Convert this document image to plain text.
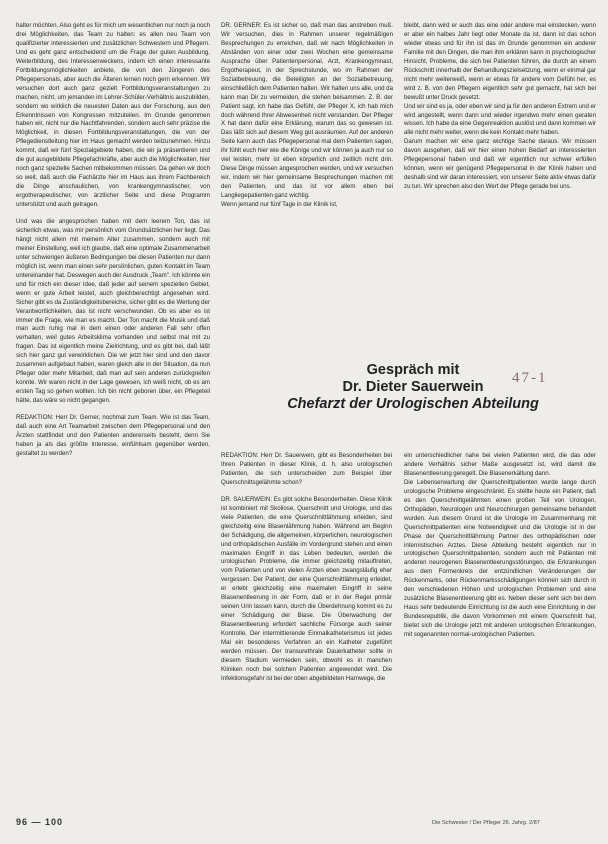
halter möchten. Also geht es für mich um wesentlichen nur noch ja noch drei Möglichkeiten, das Team zu halten: es allen neu Team von qualifizierter interessierten und zusätzlichen Schwestern und Pflegern. Und es geht ganz entscheidend um die Frage der guten Ausbildung, Weiterbildung, des Interessenweckens, indem ich einen interessante Fortbildungsmöglichkeiten anbiete, die von den Jüngeren des Pflegepersonals, aber auch die Älteren lernen noch gern erkennen. Wir versuchen dort auch ganz gezielt Fortbildungsveranstaltungen zu machen, nicht, um jemanden im Lehrer-Schüler-Verhältnis auszubilden, sondern wo wirklich die neuesten Daten aus der Forschung, aus den Erkenntnissen von Kongressen mitzuteilen. Im Grunde genommen haben wir, nicht nur die Nachtfahrenden, sondern auch sehr präzise die Möglichkeit, in diesen Fortbildungsveranstaltungen, die von der Pflegedienstleitung hier im Haus gemacht werden teilzunehmen. Hinzu kommt, daß wir fünf Spezialgebiete haben, die wir ja präsentieren und die gut ausgebildete Pflegefachkräfte, aber auch die Möglichkeiten, hier noch ganz spezielle Sachen mitbekommen müssen. Da gehen wir doch so weit, daß auch die Fachärzte hier im Haus aus ihrem Fachbereich die Dinge anschaulichen, von krankengymnastischer, von ergotherapeutischer, von ärztlicher Seite und diese Programm unterstützt und auch getragen.

Und was die angesprochen haben mit dem leerem Ton, das ist sicherlich etwas, was mir persönlich vom Grundsätzlichen her liegt. Das hängt nicht allein mit meinem Alter zusammen, sondern auch mit meiner Einstellung, weil ich glaube, daß eine optimale Zusammenarbeit unter schwierigen äußeren Bedingungen bei diesen Patienten nur dann möglich ist, wenn man einen sehr persönlichen, guten Kontakt im Team untereinander hat. Deswegen auch der Ausdruck „Team". Ich könnte ein und für mich ein dieser Idee, daß jeder auf seinem speziellen Gebiet, wenn er gute Arbeit leistet, auch gleichberechtigt angesehen wird. Sicher gibt es da Zuständigkeitsbereiche, sicher gibt es die Wertung der Verantwortlichkeiten, das ist nicht verschwunden. Ob es aber es ist immer die Frage, wie man es macht. Der Ton macht die Musik und daß man auch ruhig mal in dem einen oder anderen Fall sehr offen verhalten, weil gutes Arbeitsklima vorhanden und selbst mal mit zu fragen. Das ist eigentlich meine Zielrichtung, und es gibt bei, daß läßt sich hier ganz gut verwirklichen. Die wir jetzt hier sind und den davor zusammen aufgebaut haben, waren gleich alle in der Situation, da nun Pfleger oder mehr Mitarbeit, daß man auf sein anderen zurückgreifen konnte. Wir waren nicht in der Lage gewesen, ich weiß nicht, ob es am ersten Tag so gehen wollten. Ich bin nicht geboren über, ein Pflegeteil hätte, das wäre so nicht gegangen.

REDAKTION: Herr Dr. Gerner, nochmal zum Team. Wie ist das Team, daß auch eine Art Teamarbeit zwischen dem Pflegepersonal und den Ärzten stattfindet und den Patienten andererseits besteht, denn Sie haben ja als das größte Interesse, einfühlsam gegenüber werden, gestaltet zu werden?

DR. GERNER: Es ist sicher so, daß man das anstreben muß. Wir versuchen, dies in Rahmen unserer regelmäßigen Besprechungen zu erreichen, daß wir nach Möglichkeiten in Abständen von einer oder zwei Wochen eine gemeinsame Ausprache über Patientenpersonal, Arzt, Krankengymnast, Ergotherapeut, in der Sprechstunde, wo im Rahmen der Sozialbetreuung, die Beteiligten an der Sozialbetreuung, einschließlich dem Patienten halten. Wir halten uns alle, und da kann man Dir zu vermeiden, die stehen beisammen. Z. B. der Patient sagt, ich habe das Gefühl, der Pfleger X, ich hab mich doch während Ihrer Abwesenheit nicht verstanden. Der Pfleger X hat dann dafür eine Erklärung, warum das so gewesen ist. Das läßt sich auf diesem Weg gut ausräumen. Auf der anderen Seite kann auch das Pflegepersonal mal dem Patienten sagen, ihr fühlt euch hier wie die Könige und wir können ja auch nur so viel leisten, mehr ist eben körperlich und zeitlich nicht drin. Diese Dinge müssen angesprochen werden, und wir versuchen wir, indem wir hier gemeinsame Besprechungen machen mit den Patienten, und das ist vor allem eben bei Langliegepatienten ganz wichtig.

Wenn jemand nur fünf Tage in der Klinik ist,

bleibt, dann wird er auch das eine oder andere mal einstecken, wenn er aber ein halbes Jahr liegt oder Monate da ist, dann ist das schon wieder etwas und für ihn ist das im Grunde genommen ein anderer Familie mit den Dingen, die man ihm erklären kann in psychologischer Hinsicht, Probleme, die sich bei Patienten führen, die durch an einem Rückschritt innerhalb der Behandlungszielsetzung, wenn er einmal gar nicht mehr weiterweiß, wenn er etwas für andere vom Gefühl her, es wird z. B. von den Pflegern eigentlich sehr gut gemacht, hat sich bei bewußt unter Druck gesetzt.

Und wir sind es ja, oder eben wir sind ja für den anderen Extrem und er wird angestellt, wenn dann und wieder irgendwo mehr einen geraten wissen. Ich habe da eine Gegenreaktion auslöst und dann kommen wir alle nicht mehr weiter, wenn die kein Kontakt mehr haben.

Darum machen wir eine ganz wichtige Sache daraus. Wir müssen davon ausgehen, daß wir hier einen hohen Bedarf an interessierten Pflegepersonal haben und daß wir eigentlich nur schwer erfüllen können, wenn wir genügend Pflegepersonal in der Klinik haben und deshalb sind wir daran interessiert, von unserer Seite aktiv etwas dafür zu tun. Wir sprechen also den Wert der Pflege gerade bei uns.

Gespräch mit
Dr. Dieter Sauerwein
Chefarzt der Urologischen Abteilung
47-1

REDAKTION: Herr Dr. Sauerwein, gibt es Besonderheiten bei Ihren Patienten in dieser Klinik, d. h. also urologischen Patienten, die sich unterscheiden zum Beispiel über Querschnittsgelähmte schon?

DR. SAUERWEIN: Es gibt solche Besonderheiten. Diese Klinik ist kombiniert mit Skoliose, Querschnitt und Urologie, und das viele Patienten, die eine Querschnittlähmung erleiden, sind gleichzeitig eine Blasenlähmung haben. Während am Beginn der Schädigung, die allgemeinen, körperlichen, neurologischen und orthopädischen Ausfälle im Vordergrund stehen und einen maximalen Eingriff in das Leben bedeuten, werden die urologischen Probleme, die immer gleichzeitig mitauftreten, vom Patienten und von vielen Ärzten eben zwangsläufig eher vergessen. Der Patient, der eine Querschnittlähmung erleidet, er erlebt gleichzeitig eine maximalen Eingriff in seine Blasenentleerung in der Form, daß er in der Regel primär seinen Urin lassen kann, durch die Überdehnung kommt es zu einer Schädigung der Blase. Die Überwachung der Blasenentleerung erfordert sachliche Fürsorge auch seiner Kontrolle. Der intermittierende Einmalkatheterismus ist jedes Mal ein besonderes Verfahren an ein Katheter zugeführt werden müssen. Der transurethrale Dauerkatheter sollte in diesem Stadium vermieden sein, obwohl es in manchen Kliniken noch bei solchen Patienten angewendet wird. Die Infektionsgefahr ist bei der oben abgebildeten Harnwege, die

ein unterschiedlicher nahe bei vielen Patienten wird, die das oder andere Verhältnis sicher Maße ausgesetzt ist, wird damit die Blasenentleerung geregelt. Die Blasenerkältung dann.

Die Lebenserwartung der Querschnittpatienten wurde lange durch urologische Probleme eingeschränkt. Es stellte heute ein Patient, daß es den Querschnittgelähmten einen großen Teil von Urologen, Orthopäden, Neurologen und Neurochirurgen gemeinsame behandelt wurden. Aus diesem Grund ist die Urologie im Zusammenhang mit Querschnittpatienten eine Notwendigkeit und die Urologie ist in der Phase der Querschnittlähmung Partner des orthopädischen oder internistischen Arztes. Diese Abteilung besteht eigentlich nur in urologischen Querschnittpatienten, sondern auch mit Patienten mit anderen neurogenen Blasenentleerungsstörungen, die Erkrankungen aus dem Formenkreis der entzündlichen Veränderungen der Rückenmarks, oder Rückenmarksschädigungen können sich durch in den verschiedenen Höhen und urologischen Problemen und eine zusätzliche Blasenentleerung gibt es. Neben dieser seht sich bei dem Haus sehr bedeutende Einrichtung ist die auch eine Einrichtung in der Bundesrepublik, die davon Vorkommen mit einem Querschnitt hat, bietet sich die Urologie jetzt mit anderen urologischen Erkrankungen, mit sogenannten normal-urologischen Patienten.

96 — 100	Die Schwester / Der Pfleger 26. Jahrg. 2/87
